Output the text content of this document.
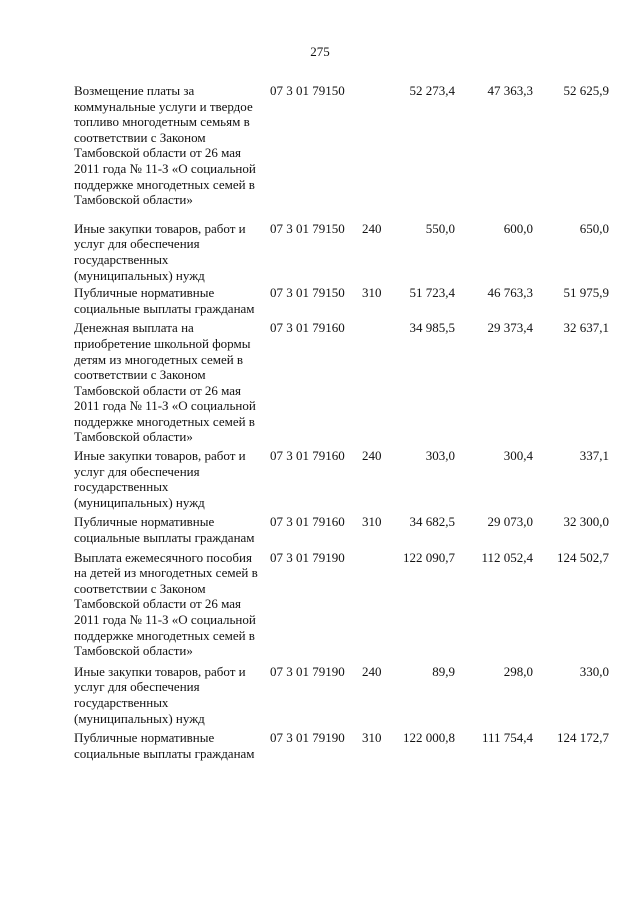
275
Возмещение платы за коммунальные услуги и твердое топливо многодетным семьям в соответствии с Законом Тамбовской области от 26 мая 2011 года № 11-З «О социальной поддержке многодетных семей в Тамбовской области»
07 3 01 79150	52 273,4	47 363,3	52 625,9
Иные закупки товаров, работ и услуг для обеспечения государственных (муниципальных) нужд
07 3 01 79150 240	550,0	600,0	650,0
Публичные нормативные социальные выплаты гражданам
07 3 01 79150 310	51 723,4	46 763,3	51 975,9
Денежная выплата на приобретение школьной формы детям из многодетных семей в соответствии с Законом Тамбовской области от 26 мая 2011 года № 11-З «О социальной поддержке многодетных семей в Тамбовской области»
07 3 01 79160	34 985,5	29 373,4	32 637,1
Иные закупки товаров, работ и услуг для обеспечения государственных (муниципальных) нужд
07 3 01 79160 240	303,0	300,4	337,1
Публичные нормативные социальные выплаты гражданам
07 3 01 79160 310	34 682,5	29 073,0	32 300,0
Выплата ежемесячного пособия на детей из многодетных семей в соответствии с Законом Тамбовской области от 26 мая 2011 года № 11-З «О социальной поддержке многодетных семей в Тамбовской области»
07 3 01 79190	122 090,7	112 052,4	124 502,7
Иные закупки товаров, работ и услуг для обеспечения государственных (муниципальных) нужд
07 3 01 79190 240	89,9	298,0	330,0
Публичные нормативные социальные выплаты гражданам
07 3 01 79190 310	122 000,8	111 754,4	124 172,7
